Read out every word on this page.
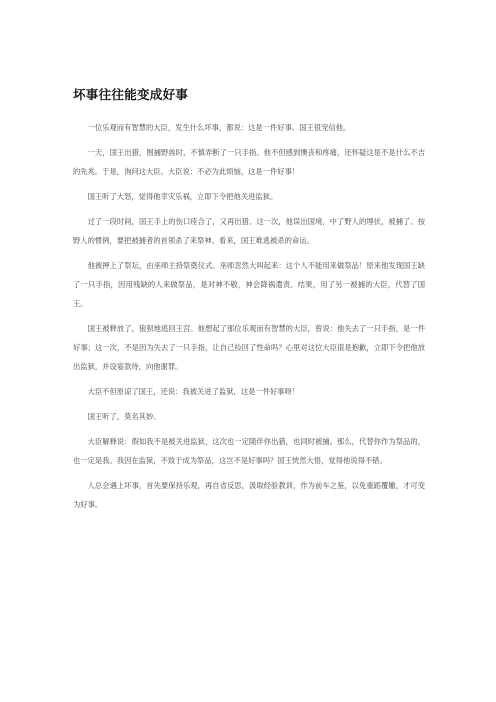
坏事往往能变成好事

一位乐观而有智慧的大臣，发生什么坏事，都说：这是一件好事。国王很宠信他。

一天，国王出猎，围捕野兽时，不慎弄断了一只手指。他不但感到懊丧和疼痛，还怀疑这是不是什么不吉的先兆。于是，询问这大臣。大臣说：不必为此烦恼，这是一件好事！

国王听了大怒，觉得他幸灾乐祸，立即下令把他关进监狱。

过了一段时间，国王手上的伤口痊合了，又再出猎。这一次，他误出国境，中了野人的埋伏，被捕了。按野人的惯例，要把被捕者的首领杀了来祭神。看来，国王难逃被杀的命运。

他被押上了祭坛，由巫师主持祭奠仪式。巫师忽然大叫起来：这个人不能用来做祭品！原来他发现国王缺了一只手指，因用残缺的人来做祭品，是对神不敬，神会降祸遣责。结果，用了另一被捕的大臣，代替了国王。

国王被释放了，狼狈地逃回王宫。他想起了那位乐观而有智慧的大臣，曾说：他失去了一只手指，是一件好事；这一次，不是因为失去了一只手指，让自己捡回了性命吗？心里对这位大臣很是抱歉，立即下令把他放出监狱，并设宴款待，向他谢罪。

大臣不但原谅了国王，还说：我被关进了监狱，这是一件好事呀！

国王听了，莫名其妙。

大臣解释说：假如我不是被关进监狱，这次也一定随伴你出猎，也同时被捕。那么，代替你作为祭品的，也一定是我。我因在监狱，不致于成为祭品，这岂不是好事吗？国王恍然大悟，觉得他说得不错。

人总会遇上坏事，首先要保持乐观，再自省反思，汲取经验教训，作为前车之鉴，以免重蹈覆辙，才可变为好事。
